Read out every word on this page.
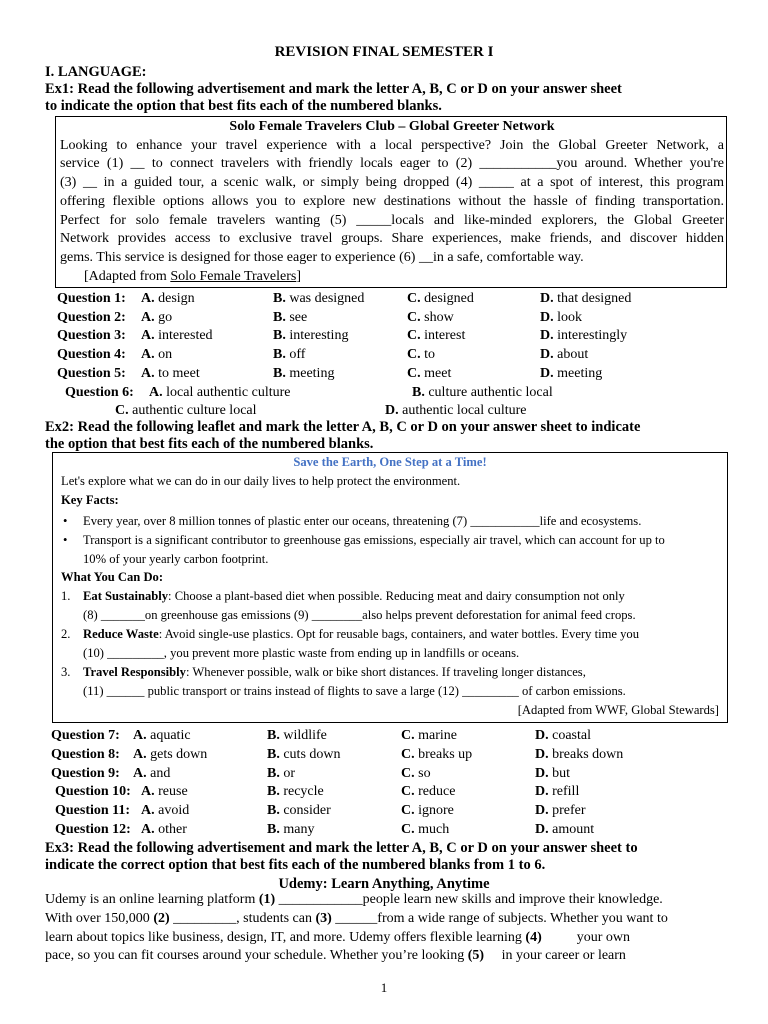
REVISION FINAL SEMESTER I
I. LANGUAGE:
Ex1: Read the following advertisement and mark the letter A, B, C or D on your answer sheet
to indicate the option that best fits each of the numbered blanks.
Solo Female Travelers Club – Global Greeter Network
Looking to enhance your travel experience with a local perspective? Join the Global Greeter Network, a
service (1) __ to connect travelers with friendly locals eager to (2) ___________you around. Whether you're
(3) __ in a guided tour, a scenic walk, or simply being dropped (4) _____ at a spot of interest, this program
offering flexible options allows you to explore new destinations without the hassle of finding transportation.
Perfect for solo female travelers wanting (5) _____locals and like-minded explorers, the Global Greeter
Network provides access to exclusive travel groups. Share experiences, make friends, and discover hidden
gems. This service is designed for those eager to experience (6) __in a safe, comfortable way.
[Adapted from Solo Female Travelers]
Question 1: A. design	B. was designed	C. designed	D. that designed
Question 2: A. go	B. see	C. show	D. look
Question 3: A. interested	B. interesting	C. interest	D. interestingly
Question 4: A. on	B. off	C. to	D. about
Question 5: A. to meet	B. meeting	C. meet	D. meeting
Question 6: A. local authentic culture	B. culture authentic local
C. authentic culture local	D. authentic local culture
Ex2: Read the following leaflet and mark the letter A, B, C or D on your answer sheet to indicate
the option that best fits each of the numbered blanks.
Save the Earth, One Step at a Time!
Let's explore what we can do in our daily lives to help protect the environment.
Key Facts:
• Every year, over 8 million tonnes of plastic enter our oceans, threatening (7) ___________life and ecosystems.
• Transport is a significant contributor to greenhouse gas emissions, especially air travel, which can account for up to
10% of your yearly carbon footprint.
What You Can Do:
1. Eat Sustainably: Choose a plant-based diet when possible. Reducing meat and dairy consumption not only
(8) _______on greenhouse gas emissions (9) ________also helps prevent deforestation for animal feed crops.
2. Reduce Waste: Avoid single-use plastics. Opt for reusable bags, containers, and water bottles. Every time you
(10) _________, you prevent more plastic waste from ending up in landfills or oceans.
3. Travel Responsibly: Whenever possible, walk or bike short distances. If traveling longer distances,
(11) ______ public transport or trains instead of flights to save a large (12) _________ of carbon emissions.
[Adapted from WWF, Global Stewards]
Question 7: A. aquatic	B. wildlife	C. marine	D. coastal
Question 8: A. gets down	B. cuts down	C. breaks up	D. breaks down
Question 9: A. and	B. or	C. so	D. but
Question 10: A. reuse	B. recycle	C. reduce	D. refill
Question 11: A. avoid	B. consider	C. ignore	D. prefer
Question 12: A. other	B. many	C. much	D. amount
Ex3: Read the following advertisement and mark the letter A, B, C or D on your answer sheet to
indicate the correct option that best fits each of the numbered blanks from 1 to 6.
Udemy: Learn Anything, Anytime
Udemy is an online learning platform (1) ____________people learn new skills and improve their knowledge.
With over 150,000 (2) _________, students can (3) ______from a wide range of subjects. Whether you want to
learn about topics like business, design, IT, and more. Udemy offers flexible learning (4)          your own
pace, so you can fit courses around your schedule. Whether you’re looking (5)     in your career or learn
1
